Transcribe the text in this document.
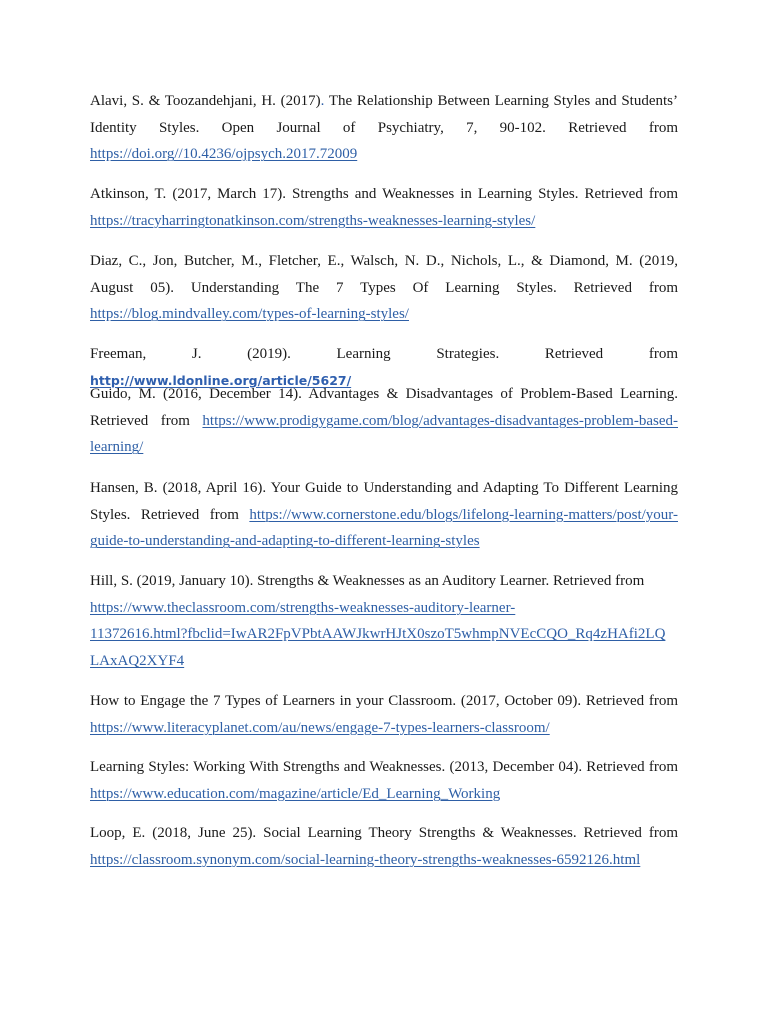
Alavi, S. & Toozandehjani, H. (2017). The Relationship Between Learning Styles and Students’ Identity Styles. Open Journal of Psychiatry, 7, 90-102. Retrieved from https://doi.org//10.4236/ojpsych.2017.72009

Atkinson, T. (2017, March 17). Strengths and Weaknesses in Learning Styles. Retrieved from https://tracyharringtonatkinson.com/strengths-weaknesses-learning-styles/

Diaz, C., Jon, Butcher, M., Fletcher, E., Walsch, N. D., Nichols, L., & Diamond, M. (2019, August 05). Understanding The 7 Types Of Learning Styles. Retrieved from https://blog.mindvalley.com/types-of-learning-styles/

Freeman, J. (2019). Learning Strategies. Retrieved from http://www.ldonline.org/article/5627/

Guido, M. (2016, December 14). Advantages & Disadvantages of Problem-Based Learning. Retrieved from https://www.prodigygame.com/blog/advantages-disadvantages-problem-based-learning/

Hansen, B. (2018, April 16). Your Guide to Understanding and Adapting To Different Learning Styles. Retrieved from https://www.cornerstone.edu/blogs/lifelong-learning-matters/post/your-guide-to-understanding-and-adapting-to-different-learning-styles

Hill, S. (2019, January 10). Strengths & Weaknesses as an Auditory Learner. Retrieved from
https://www.theclassroom.com/strengths-weaknesses-auditory-learner-
11372616.html?fbclid=IwAR2FpVPbtAAWJkwrHJtX0szoT5whmpNVEcCQO_Rq4zHAfi2LQ
LAxAQ2XYF4

How to Engage the 7 Types of Learners in your Classroom. (2017, October 09). Retrieved from https://www.literacyplanet.com/au/news/engage-7-types-learners-classroom/

Learning Styles: Working With Strengths and Weaknesses. (2013, December 04). Retrieved from https://www.education.com/magazine/article/Ed_Learning_Working

Loop, E. (2018, June 25). Social Learning Theory Strengths & Weaknesses. Retrieved from https://classroom.synonym.com/social-learning-theory-strengths-weaknesses-6592126.html
